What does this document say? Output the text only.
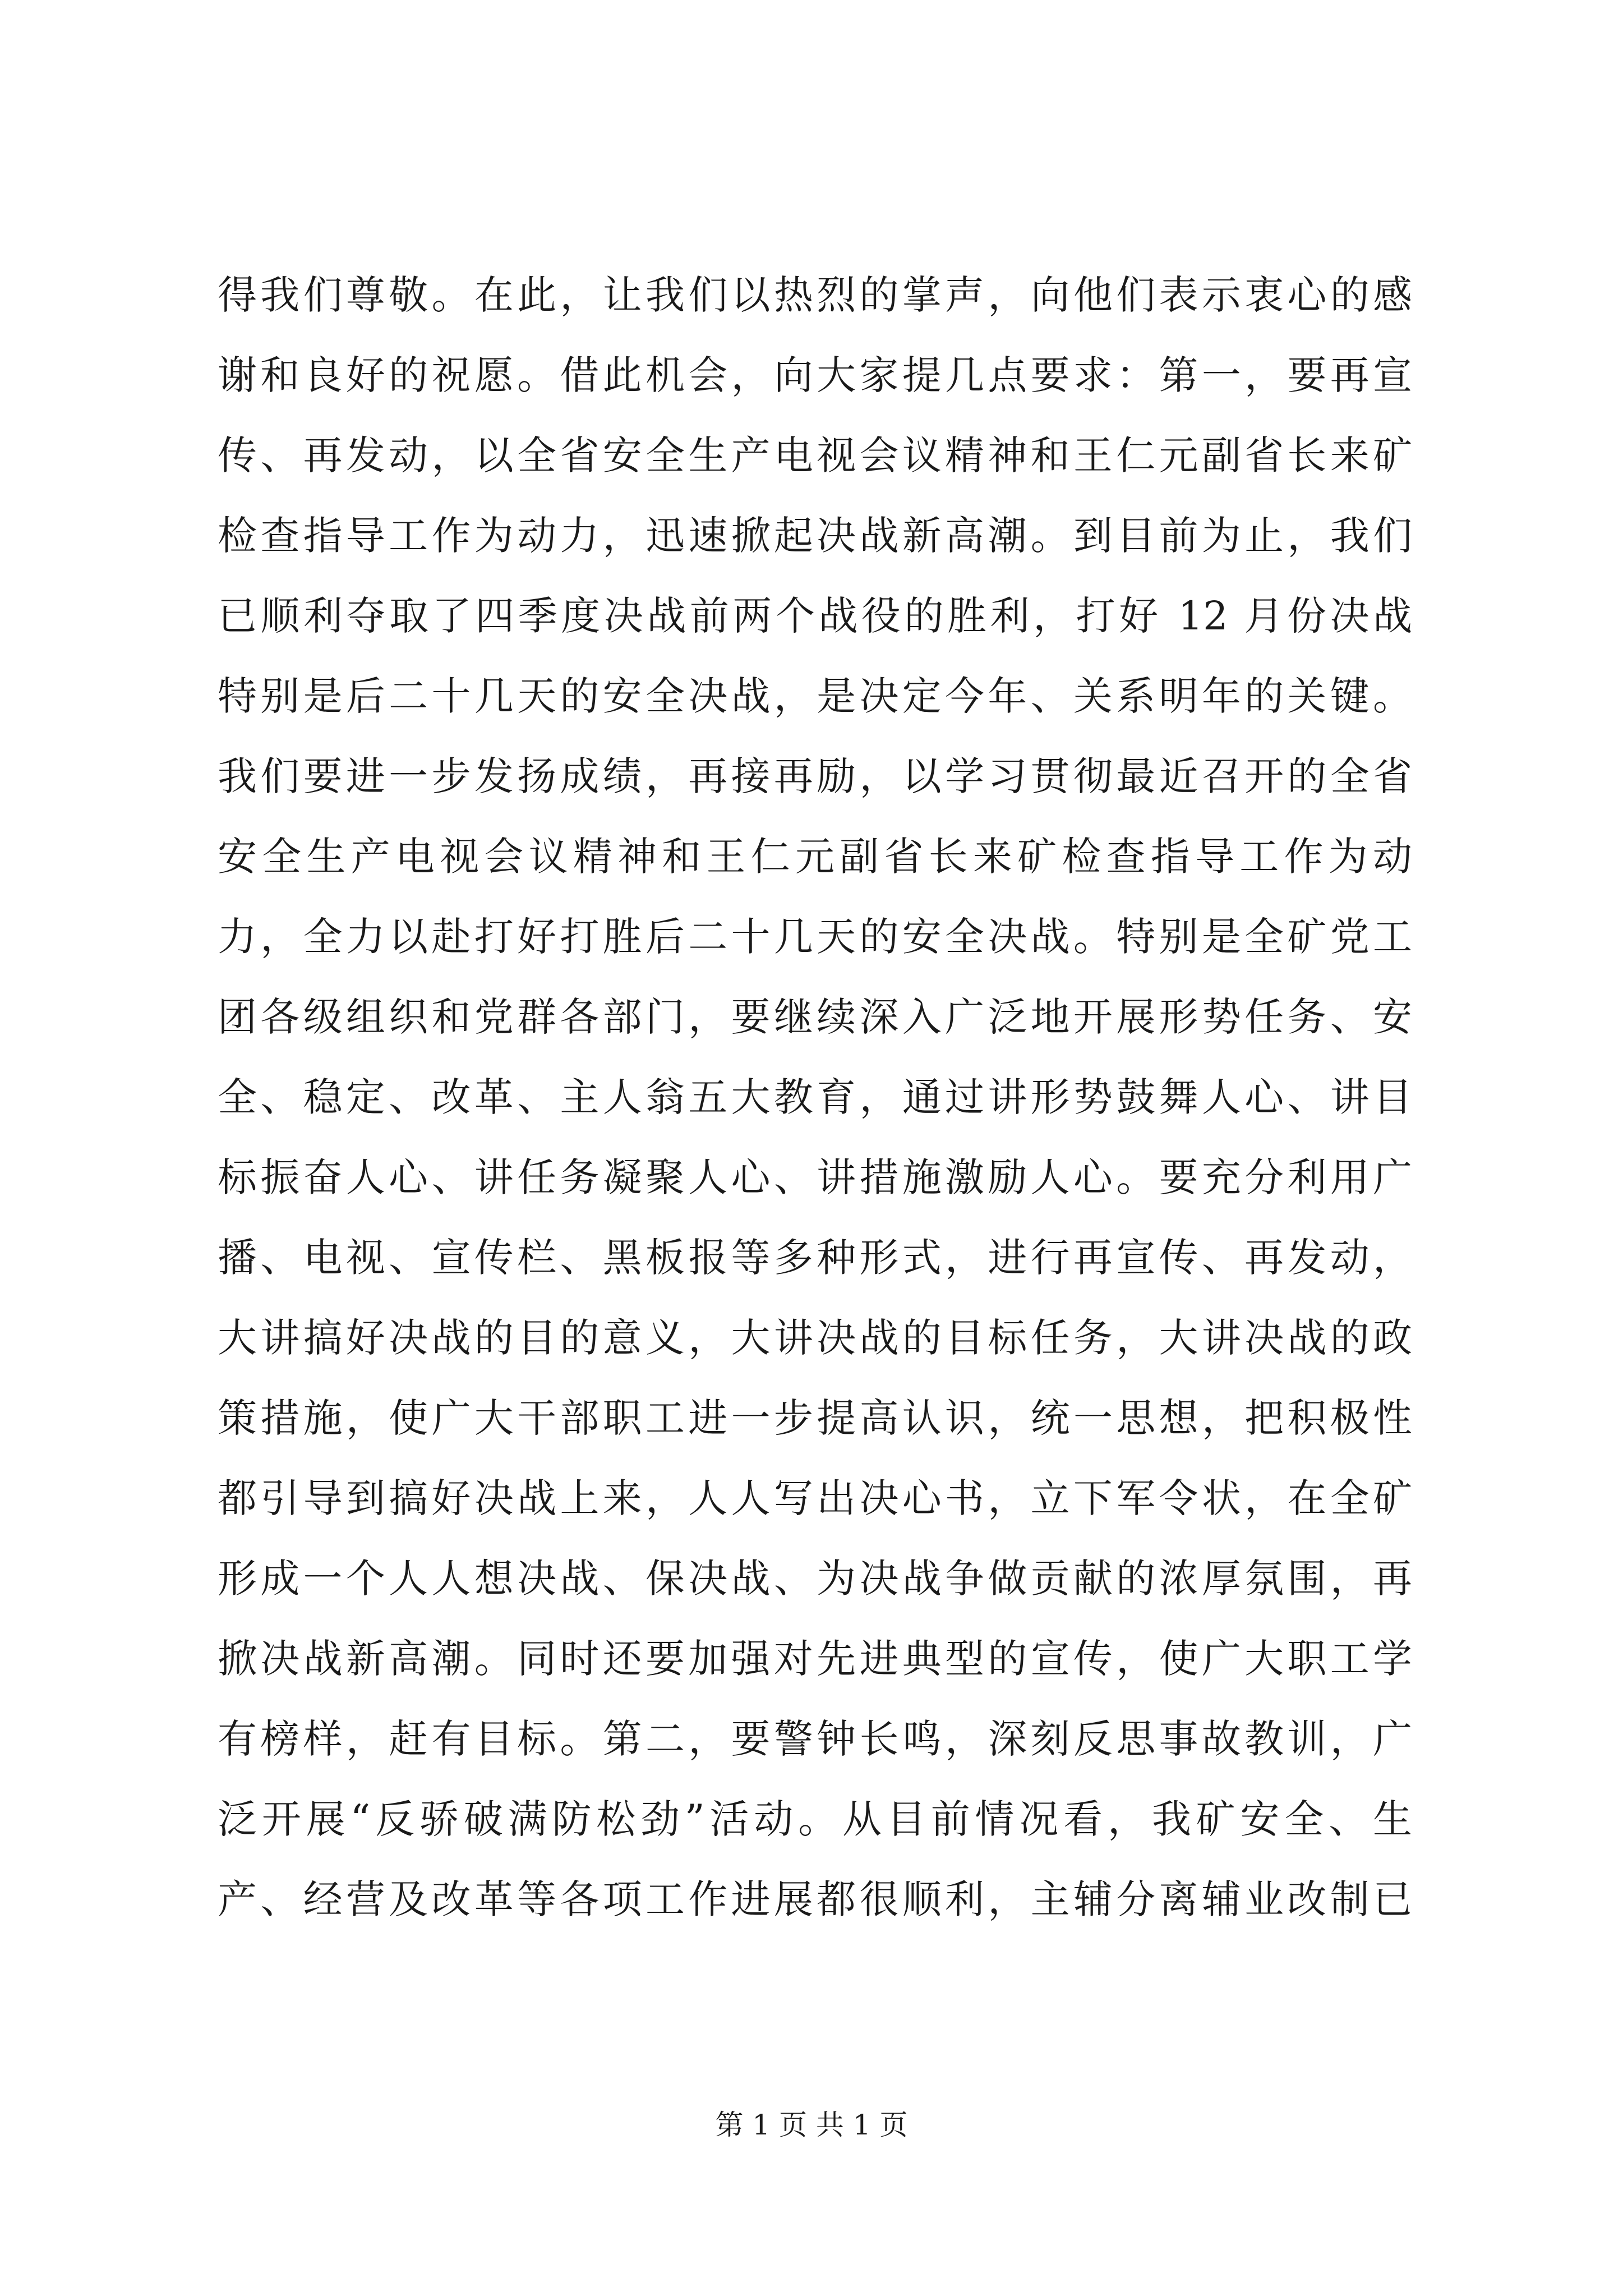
得我们尊敬。在此，让我们以热烈的掌声，向他们表示衷心的感
谢和良好的祝愿。借此机会，向大家提几点要求：第一，要再宣
传、再发动，以全省安全生产电视会议精神和王仁元副省长来矿
检查指导工作为动力，迅速掀起决战新高潮。到目前为止，我们
已顺利夺取了四季度决战前两个战役的胜利，打好 12 月份决战
特别是后二十几天的安全决战，是决定今年、关系明年的关键。
我们要进一步发扬成绩，再接再励，以学习贯彻最近召开的全省
安全生产电视会议精神和王仁元副省长来矿检查指导工作为动
力，全力以赴打好打胜后二十几天的安全决战。特别是全矿党工
团各级组织和党群各部门，要继续深入广泛地开展形势任务、安
全、稳定、改革、主人翁五大教育，通过讲形势鼓舞人心、讲目
标振奋人心、讲任务凝聚人心、讲措施激励人心。要充分利用广
播、电视、宣传栏、黑板报等多种形式，进行再宣传、再发动，
大讲搞好决战的目的意义，大讲决战的目标任务，大讲决战的政
策措施，使广大干部职工进一步提高认识，统一思想，把积极性
都引导到搞好决战上来，人人写出决心书，立下军令状，在全矿
形成一个人人想决战、保决战、为决战争做贡献的浓厚氛围，再
掀决战新高潮。同时还要加强对先进典型的宣传，使广大职工学
有榜样，赶有目标。第二，要警钟长鸣，深刻反思事故教训，广
泛开展“反骄破满防松劲”活动。从目前情况看，我矿安全、生
产、经营及改革等各项工作进展都很顺利，主辅分离辅业改制已
第 1 页 共 1 页
